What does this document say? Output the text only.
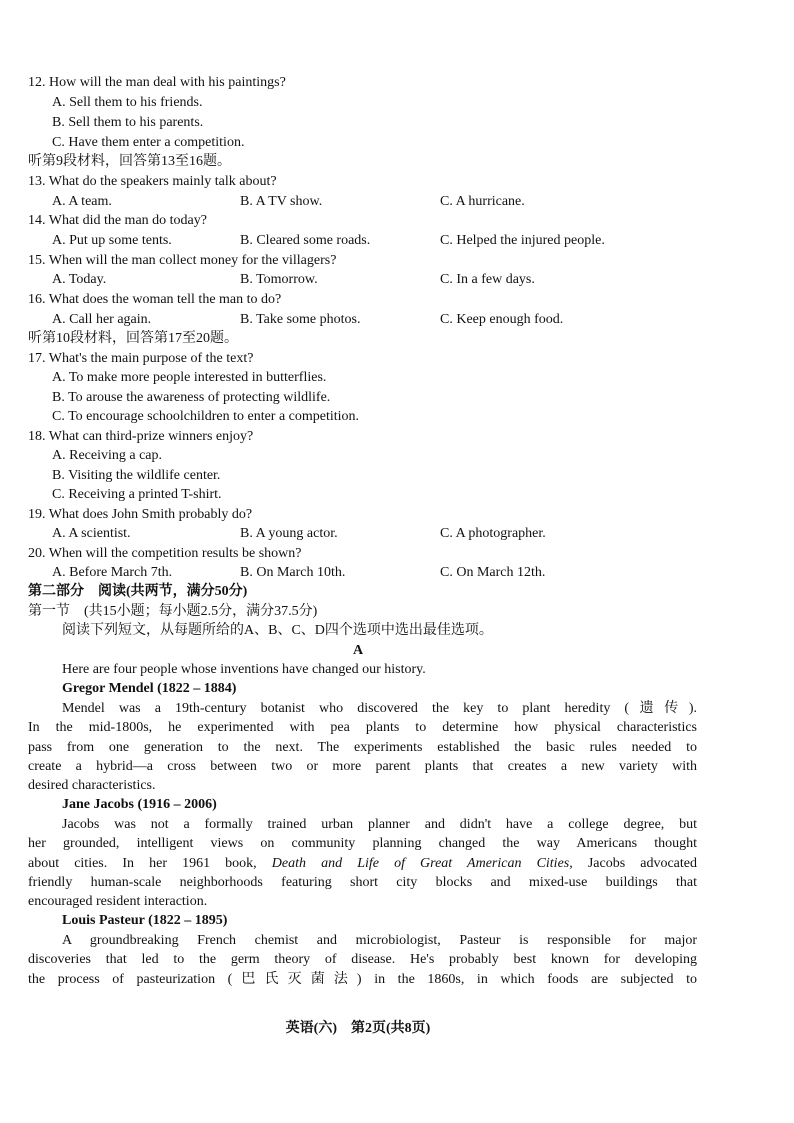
12. How will the man deal with his paintings?
A. Sell them to his friends.
B. Sell them to his parents.
C. Have them enter a competition.
听第9段材料，回答第13至16题。
13. What do the speakers mainly talk about?
A. A team.	B. A TV show.	C. A hurricane.
14. What did the man do today?
A. Put up some tents.	B. Cleared some roads.	C. Helped the injured people.
15. When will the man collect money for the villagers?
A. Today.	B. Tomorrow.	C. In a few days.
16. What does the woman tell the man to do?
A. Call her again.	B. Take some photos.	C. Keep enough food.
听第10段材料，回答第17至20题。
17. What's the main purpose of the text?
A. To make more people interested in butterflies.
B. To arouse the awareness of protecting wildlife.
C. To encourage schoolchildren to enter a competition.
18. What can third-prize winners enjoy?
A. Receiving a cap.
B. Visiting the wildlife center.
C. Receiving a printed T-shirt.
19. What does John Smith probably do?
A. A scientist.	B. A young actor.	C. A photographer.
20. When will the competition results be shown?
A. Before March 7th.	B. On March 10th.	C. On March 12th.
第二部分　阅读(共两节，满分50分)
第一节　(共15小题；每小题2.5分，满分37.5分)
阅读下列短文，从每题所给的A、B、C、D四个选项中选出最佳选项。
A
Here are four people whose inventions have changed our history.
Gregor Mendel (1822 – 1884)
Mendel was a 19th-century botanist who discovered the key to plant heredity (遗传).
In the mid-1800s, he experimented with pea plants to determine how physical characteristics
pass from one generation to the next. The experiments established the basic rules needed to
create a hybrid—a cross between two or more parent plants that creates a new variety with
desired characteristics.
Jane Jacobs (1916 – 2006)
Jacobs was not a formally trained urban planner and didn't have a college degree, but
her grounded, intelligent views on community planning changed the way Americans thought
about cities. In her 1961 book, Death and Life of Great American Cities, Jacobs advocated
friendly human-scale neighborhoods featuring short city blocks and mixed-use buildings that
encouraged resident interaction.
Louis Pasteur (1822 – 1895)
A groundbreaking French chemist and microbiologist, Pasteur is responsible for major
discoveries that led to the germ theory of disease. He's probably best known for developing
the process of pasteurization (巴氏灭菌法) in the 1860s, in which foods are subjected to
英语(六)　第2页(共8页)
